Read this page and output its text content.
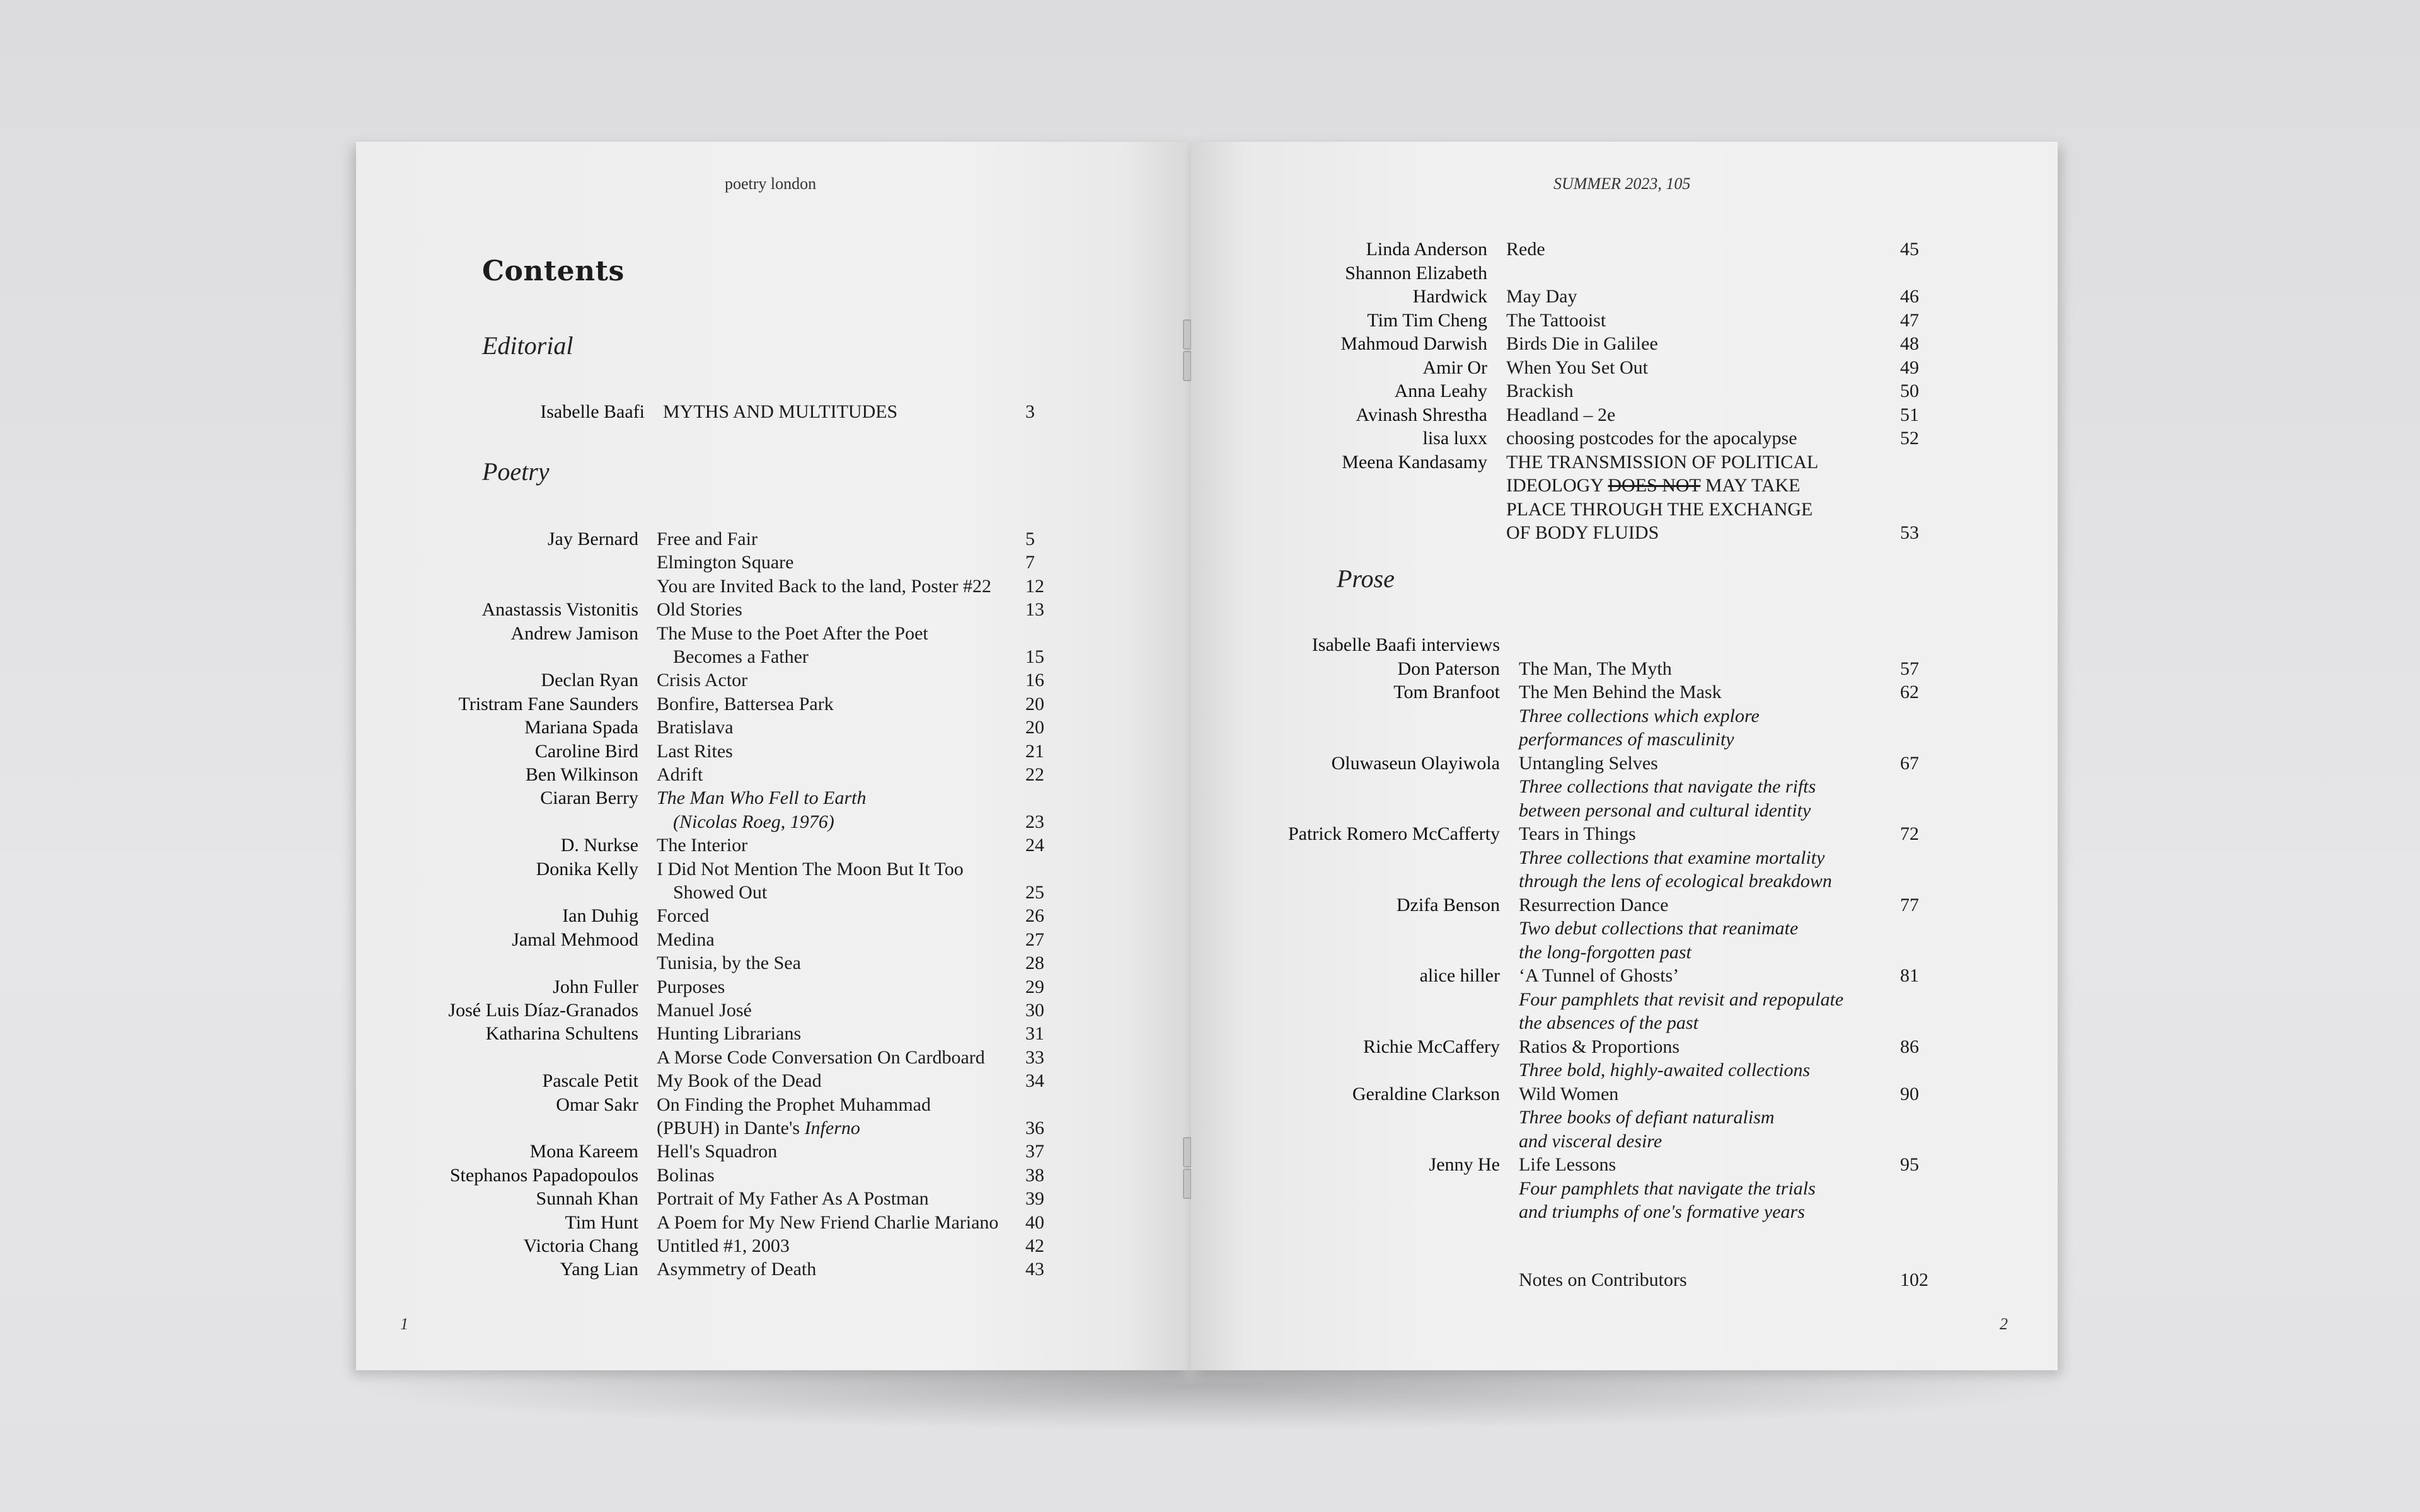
poetry london
Contents
Editorial
Isabelle Baafi MYTHS AND MULTITUDES	3
Poetry
Jay Bernard Free and Fair	5
Elmington Square	7
You are Invited Back to the land, Poster #22 12
Anastassis Vistonitis Old Stories	13
Andrew Jamison The Muse to the Poet After the Poet
Becomes a Father	15
Declan Ryan Crisis Actor	16
Tristram Fane Saunders Bonfire, Battersea Park	20
Mariana Spada Bratislava	20
Caroline Bird Last Rites	21
Ben Wilkinson Adrift	22
Ciaran Berry The Man Who Fell to Earth
(Nicolas Roeg, 1976)	23
D. Nurkse The Interior	24
Donika Kelly I Did Not Mention The Moon But It Too
Showed Out	25
Ian Duhig Forced	26
Jamal Mehmood Medina	27
Tunisia, by the Sea	28
John Fuller Purposes	29
José Luis Díaz-Granados Manuel José	30
Katharina Schultens Hunting Librarians	31
A Morse Code Conversation On Cardboard 33
Pascale Petit My Book of the Dead	34
Omar Sakr On Finding the Prophet Muhammad
(PBUH) in Dante's Inferno	36
Mona Kareem Hell's Squadron	37
Stephanos Papadopoulos Bolinas	38
Sunnah Khan Portrait of My Father As A Postman	39
Tim Hunt A Poem for My New Friend Charlie Mariano 40
Victoria Chang Untitled #1, 2003	42
Yang Lian Asymmetry of Death	43
1
SUMMER 2023, 105
Linda Anderson Rede	45
Shannon Elizabeth
Hardwick May Day	46
Tim Tim Cheng The Tattooist	47
Mahmoud Darwish Birds Die in Galilee	48
Amir Or When You Set Out	49
Anna Leahy Brackish	50
Avinash Shrestha Headland – 2e	51
lisa luxx choosing postcodes for the apocalypse	52
Meena Kandasamy THE TRANSMISSION OF POLITICAL
IDEOLOGY DOES NOT MAY TAKE
PLACE THROUGH THE EXCHANGE
OF BODY FLUIDS	53
Prose
Isabelle Baafi interviews
Don Paterson The Man, The Myth	57
Tom Branfoot The Men Behind the Mask	62
Three collections which explore
performances of masculinity
Oluwaseun Olayiwola Untangling Selves	67
Three collections that navigate the rifts
between personal and cultural identity
Patrick Romero McCafferty Tears in Things	72
Three collections that examine mortality
through the lens of ecological breakdown
Dzifa Benson Resurrection Dance	77
Two debut collections that reanimate
the long-forgotten past
alice hiller ‘A Tunnel of Ghosts’	81
Four pamphlets that revisit and repopulate
the absences of the past
Richie McCaffery Ratios & Proportions	86
Three bold, highly-awaited collections
Geraldine Clarkson Wild Women	90
Three books of defiant naturalism
and visceral desire
Jenny He Life Lessons	95
Four pamphlets that navigate the trials
and triumphs of one's formative years
Notes on Contributors	102
2
